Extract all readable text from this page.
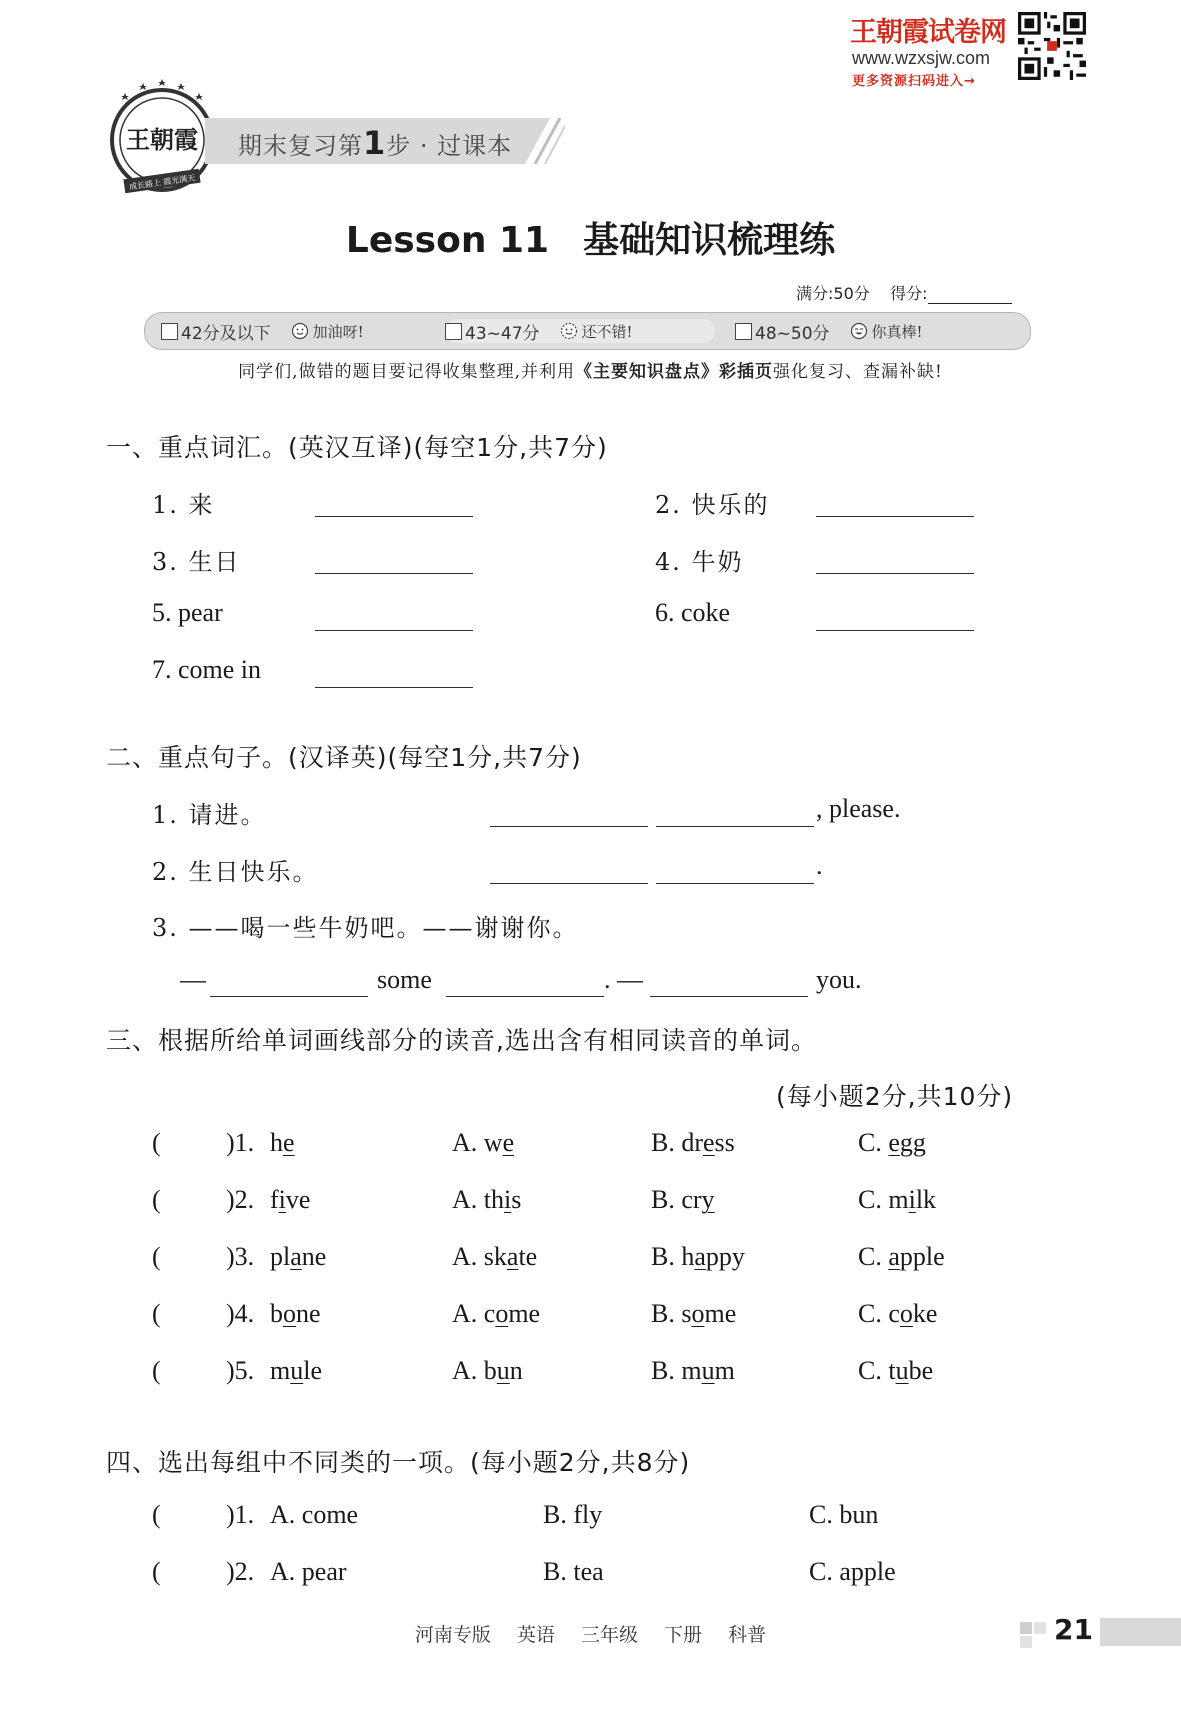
王朝霞试卷网
www.wzxsjw.com
更多资源扫码进入→
王朝霞
成长路上 霞光满天
期末复习第1步 · 过课本
Lesson 11 基础知识梳理练
满分:50分 得分:
42分及以下	加油呀!	43~47分	还不错!	48~50分	你真棒!
同学们,做错的题目要记得收集整理,并利用《主要知识盘点》彩插页强化复习、查漏补缺!
一、重点词汇。(英汉互译)(每空1分,共7分)
1. 来	2. 快乐的
3. 生日	4. 牛奶
5. pear	6. coke
7. come in
二、重点句子。(汉译英)(每空1分,共7分)
1. 请进。	, please.
2. 生日快乐。	.
3. ——喝一些牛奶吧。——谢谢你。
—	some	. —	you.
三、根据所给单词画线部分的读音,选出含有相同读音的单词。
(每小题2分,共10分)
(	)1. he	A. we	B. dress	C. egg
(	)2. five	A. this	B. cry	C. milk
(	)3. plane	A. skate	B. happy	C. apple
(	)4. bone	A. come	B. some	C. coke
(	)5. mule	A. bun	B. mum	C. tube
四、选出每组中不同类的一项。(每小题2分,共8分)
(	)1. A. come	B. fly	C. bun
(	)2. A. pear	B. tea	C. apple
河南专版 英语 三年级 下册 科普	21
